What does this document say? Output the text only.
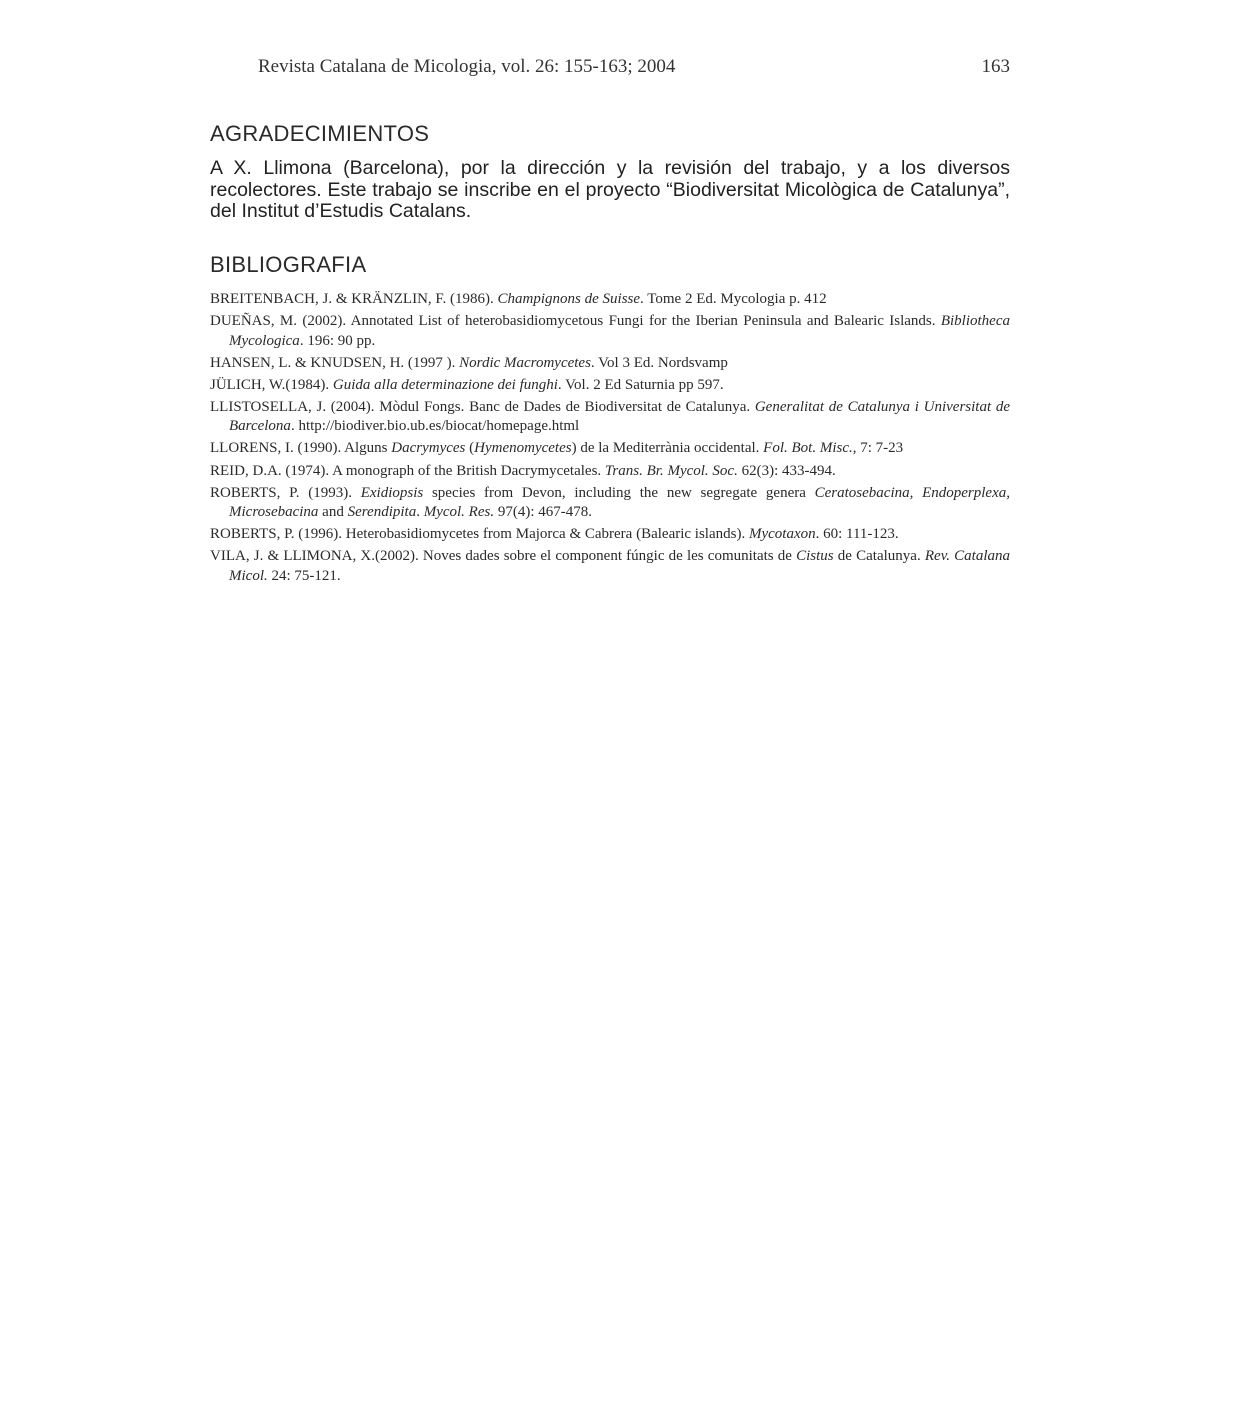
Revista Catalana de Micologia, vol. 26: 155-163; 2004	163
AGRADECIMIENTOS

A X. Llimona (Barcelona), por la dirección y la revisión del trabajo, y a los diversos recolectores. Este trabajo se inscribe en el proyecto “Biodiversitat Micològica de Catalunya”, del Institut d’Estudis Catalans.

BIBLIOGRAFIA
BREITENBACH, J. & KRÄNZLIN, F. (1986). Champignons de Suisse. Tome 2 Ed. Mycologia p. 412
DUEÑAS, M. (2002). Annotated List of heterobasidiomycetous Fungi for the Iberian Peninsula and Balearic Islands. Bibliotheca Mycologica. 196: 90 pp.
HANSEN, L. & KNUDSEN, H. (1997 ). Nordic Macromycetes. Vol 3 Ed. Nordsvamp
JÜLICH, W.(1984). Guida alla determinazione dei funghi. Vol. 2 Ed Saturnia pp 597.
LLISTOSELLA, J. (2004). Mòdul Fongs. Banc de Dades de Biodiversitat de Catalunya. Generalitat de Catalunya i Universitat de Barcelona. http://biodiver.bio.ub.es/biocat/homepage.html
LLORENS, I. (1990). Alguns Dacrymyces (Hymenomycetes) de la Mediterrània occidental. Fol. Bot. Misc., 7: 7-23
REID, D.A. (1974). A monograph of the British Dacrymycetales. Trans. Br. Mycol. Soc. 62(3): 433-494.
ROBERTS, P. (1993). Exidiopsis species from Devon, including the new segregate genera Ceratosebacina, Endoperplexa, Microsebacina and Serendipita. Mycol. Res. 97(4): 467-478.
ROBERTS, P. (1996). Heterobasidiomycetes from Majorca & Cabrera (Balearic islands). Mycotaxon. 60: 111-123.
VILA, J. & LLIMONA, X.(2002). Noves dades sobre el component fúngic de les comunitats de Cistus de Catalunya. Rev. Catalana Micol. 24: 75-121.
